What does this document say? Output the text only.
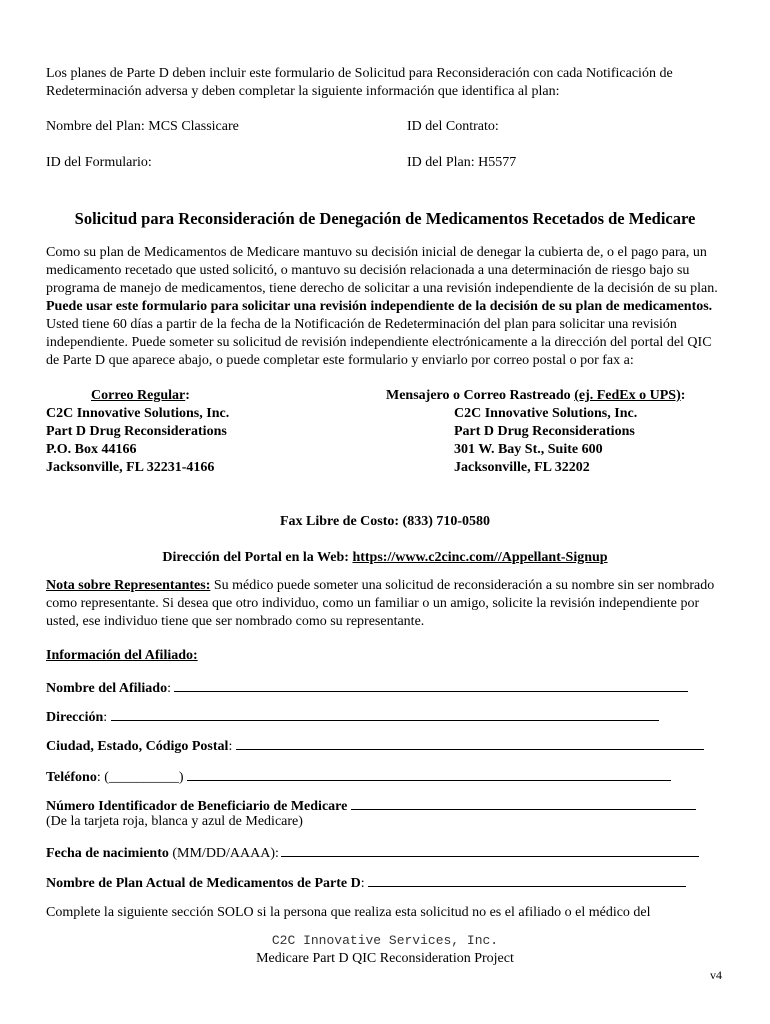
Los planes de Parte D deben incluir este formulario de Solicitud para Reconsideración con cada Notificación de Redeterminación adversa y deben completar la siguiente información que identifica al plan:

Nombre del Plan: MCS Classicare	ID del Contrato:

ID del Formulario:	ID del Plan: H5577

Solicitud para Reconsideración de Denegación de Medicamentos Recetados de Medicare

Como su plan de Medicamentos de Medicare mantuvo su decisión inicial de denegar la cubierta de, o el pago para, un medicamento recetado que usted solicitó, o mantuvo su decisión relacionada a una determinación de riesgo bajo su programa de manejo de medicamentos, tiene derecho de solicitar a una revisión independiente de la decisión de su plan. Puede usar este formulario para solicitar una revisión independiente de la decisión de su plan de medicamentos. Usted tiene 60 días a partir de la fecha de la Notificación de Redeterminación del plan para solicitar una revisión independiente. Puede someter su solicitud de revisión independiente electrónicamente a la dirección del portal del QIC de Parte D que aparece abajo, o puede completar este formulario y enviarlo por correo postal o por fax a:

Correo Regular:
C2C Innovative Solutions, Inc.
Part D Drug Reconsiderations
P.O. Box 44166
Jacksonville, FL 32231-4166
Mensajero o Correo Rastreado (ej. FedEx o UPS):
C2C Innovative Solutions, Inc.
Part D Drug Reconsiderations
301 W. Bay St., Suite 600
Jacksonville, FL 32202

Fax Libre de Costo: (833) 710-0580

Dirección del Portal en la Web: https://www.c2cinc.com//Appellant-Signup

Nota sobre Representantes: Su médico puede someter una solicitud de reconsideración a su nombre sin ser nombrado como representante. Si desea que otro individuo, como un familiar o un amigo, solicite la revisión independiente por usted, ese individuo tiene que ser nombrado como su representante.

Información del Afiliado:

Nombre del Afiliado:

Dirección:

Ciudad, Estado, Código Postal:

Teléfono: (__________)

Número Identificador de Beneficiario de Medicare

(De la tarjeta roja, blanca y azul de Medicare)

Fecha de nacimiento (MM/DD/AAAA):

Nombre de Plan Actual de Medicamentos de Parte D:

Complete la siguiente sección SOLO si la persona que realiza esta solicitud no es el afiliado o el médico del

C2C Innovative Services, Inc.

Medicare Part D QIC Reconsideration Project

v4
